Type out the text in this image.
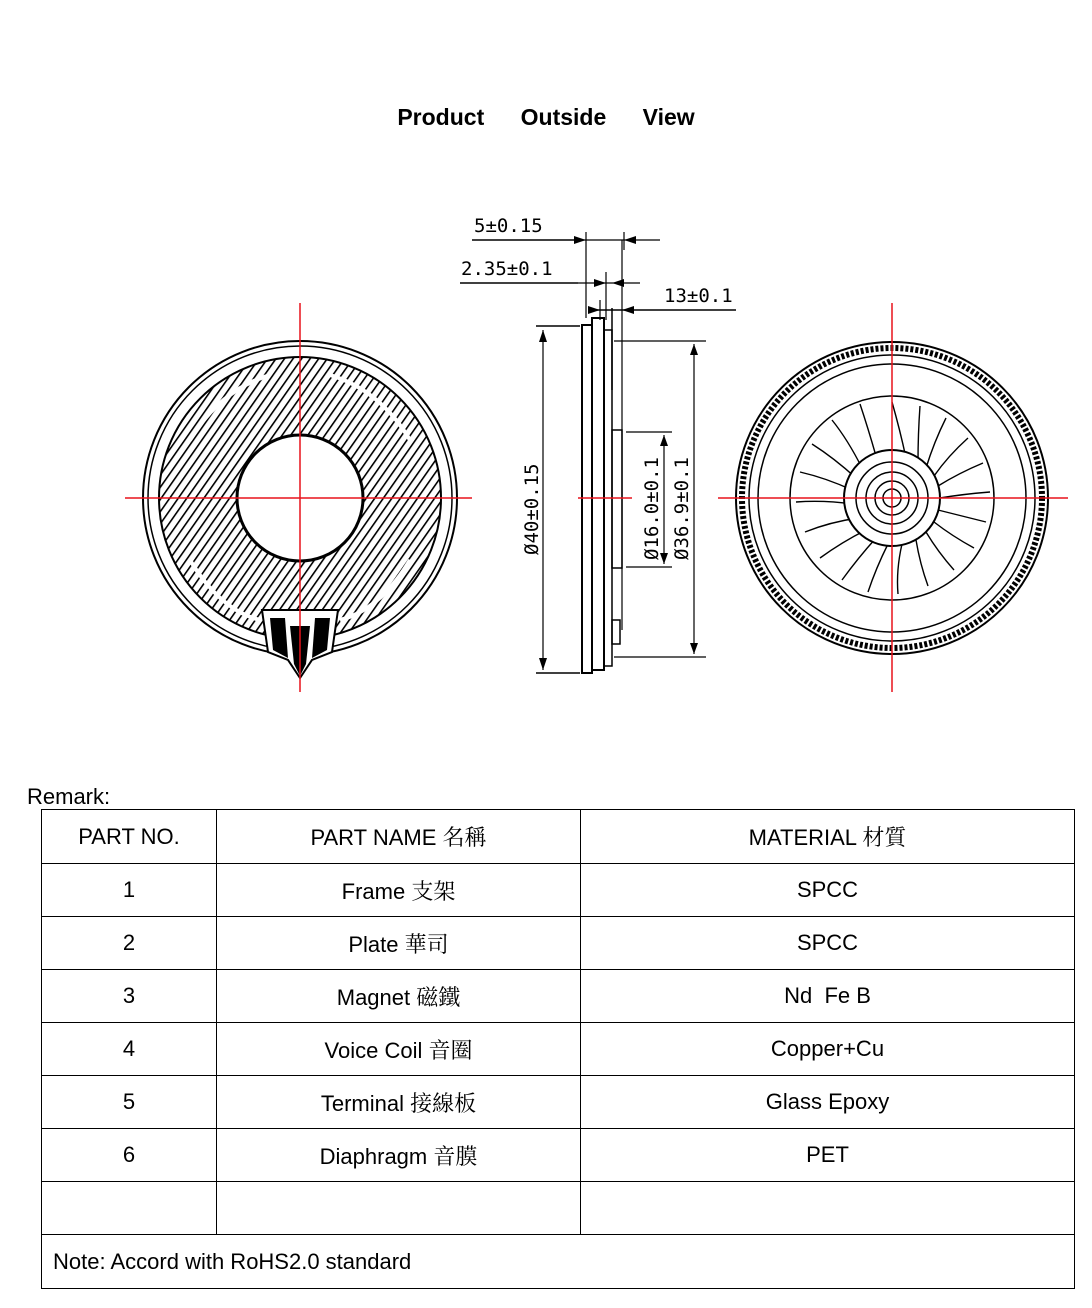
Product Outside View
5±0.15
2.35±0.1
13±0.1
Ø40±0.15	Ø16.0±0.1 Ø36.9±0.1
Remark:
PART NO.	PART NAME 名稱	MATERIAL 材質
1	Frame 支架	SPCC
2	Plate 華司	SPCC
3	Magnet 磁鐵	Nd  Fe B
4	Voice Coil 音圈	Copper+Cu
5	Terminal 接線板	Glass Epoxy
6	Diaphragm 音膜	PET

Note: Accord with RoHS2.0 standard		
